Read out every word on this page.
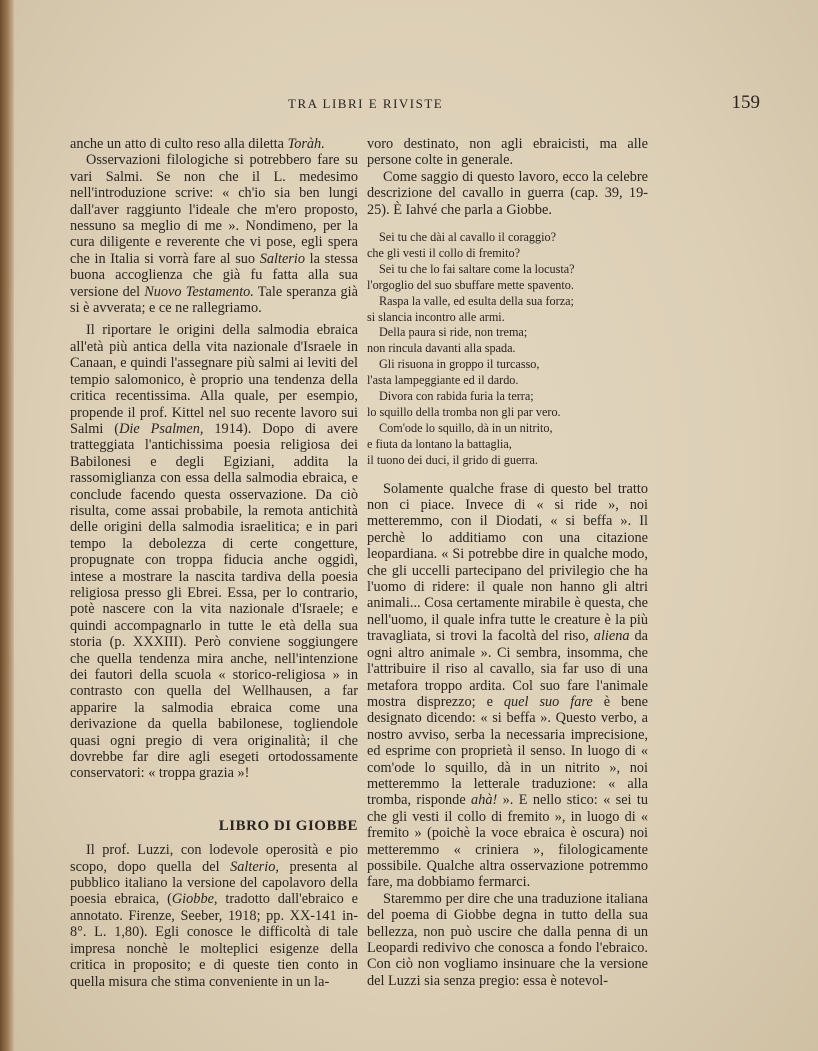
TRA LIBRI E RIVISTE	159

anche un atto di culto reso alla diletta Toràh.

Osservazioni filologiche si potrebbero fare su vari Salmi. Se non che il L. medesimo nell'introduzione scrive: « ch'io sia ben lungi dall'aver raggiunto l'ideale che m'ero proposto, nessuno sa meglio di me ». Nondimeno, per la cura diligente e reverente che vi pose, egli spera che in Italia si vorrà fare al suo Salterio la stessa buona accoglienza che già fu fatta alla sua versione del Nuovo Testamento. Tale speranza già si è avverata; e ce ne rallegriamo.

Il riportare le origini della salmodia ebraica all'età più antica della vita nazionale d'Israele in Canaan, e quindi l'assegnare più salmi ai leviti del tempio salomonico, è proprio una tendenza della critica recentissima. Alla quale, per esempio, propende il prof. Kittel nel suo recente lavoro sui Salmi (Die Psalmen, 1914). Dopo di avere tratteggiata l'antichissima poesia religiosa dei Babilonesi e degli Egiziani, addita la rassomiglianza con essa della salmodia ebraica, e conclude facendo questa osservazione. Da ciò risulta, come assai probabile, la remota antichità delle origini della salmodia israelitica; e in pari tempo la debolezza di certe congetture, propugnate con troppa fiducia anche oggidì, intese a mostrare la nascita tardiva della poesia religiosa presso gli Ebrei. Essa, per lo contrario, potè nascere con la vita nazionale d'Israele; e quindi accompagnarlo in tutte le età della sua storia (p. XXXIII). Però conviene soggiungere che quella tendenza mira anche, nell'intenzione dei fautori della scuola « storico-religiosa » in contrasto con quella del Wellhausen, a far apparire la salmodia ebraica come una derivazione da quella babilonese, togliendole quasi ogni pregio di vera originalità; il che dovrebbe far dire agli esegeti ortodossamente conservatori: « troppa grazia »!

LIBRO DI GIOBBE

Il prof. Luzzi, con lodevole operosità e pio scopo, dopo quella del Salterio, presenta al pubblico italiano la versione del capolavoro della poesia ebraica, (Giobbe, tradotto dall'ebraico e annotato. Firenze, Seeber, 1918; pp. XX-141 in-8°. L. 1,80). Egli conosce le difficoltà di tale impresa nonchè le molteplici esigenze della critica in proposito; e di queste tien conto in quella misura che stima conveniente in un la-

voro destinato, non agli ebraicisti, ma alle persone colte in generale.

Come saggio di questo lavoro, ecco la celebre descrizione del cavallo in guerra (cap. 39, 19-25). È Iahvé che parla a Giobbe.

Sei tu che dài al cavallo il coraggio?
che gli vesti il collo di fremito?
Sei tu che lo fai saltare come la locusta?
l'orgoglio del suo sbuffare mette spavento.
Raspa la valle, ed esulta della sua forza;
si slancia incontro alle armi.
Della paura si ride, non trema;
non rincula davanti alla spada.
Gli risuona in groppo il turcasso,
l'asta lampeggiante ed il dardo.
Divora con rabida furia la terra;
lo squillo della tromba non gli par vero.
Com'ode lo squillo, dà in un nitrito,
e fiuta da lontano la battaglia,
il tuono dei duci, il grido di guerra.

Solamente qualche frase di questo bel tratto non ci piace. Invece di « si ride », noi metteremmo, con il Diodati, « si beffa ». Il perchè lo additiamo con una citazione leopardiana. « Si potrebbe dire in qualche modo, che gli uccelli partecipano del privilegio che ha l'uomo di ridere: il quale non hanno gli altri animali... Cosa certamente mirabile è questa, che nell'uomo, il quale infra tutte le creature è la più travagliata, si trovi la facoltà del riso, aliena da ogni altro animale ». Ci sembra, insomma, che l'attribuire il riso al cavallo, sia far uso di una metafora troppo ardita. Col suo fare l'animale mostra disprezzo; e quel suo fare è bene designato dicendo: « si beffa ». Questo verbo, a nostro avviso, serba la necessaria imprecisione, ed esprime con proprietà il senso. In luogo di « com'ode lo squillo, dà in un nitrito », noi metteremmo la letterale traduzione: « alla tromba, risponde ahà! ». E nello stico: « sei tu che gli vesti il collo di fremito », in luogo di « fremito » (poichè la voce ebraica è oscura) noi metteremmo « criniera », filologicamente possibile. Qualche altra osservazione potremmo fare, ma dobbiamo fermarci.

Staremmo per dire che una traduzione italiana del poema di Giobbe degna in tutto della sua bellezza, non può uscire che dalla penna di un Leopardi redivivo che conosca a fondo l'ebraico. Con ciò non vogliamo insinuare che la versione del Luzzi sia senza pregio: essa è notevol-
